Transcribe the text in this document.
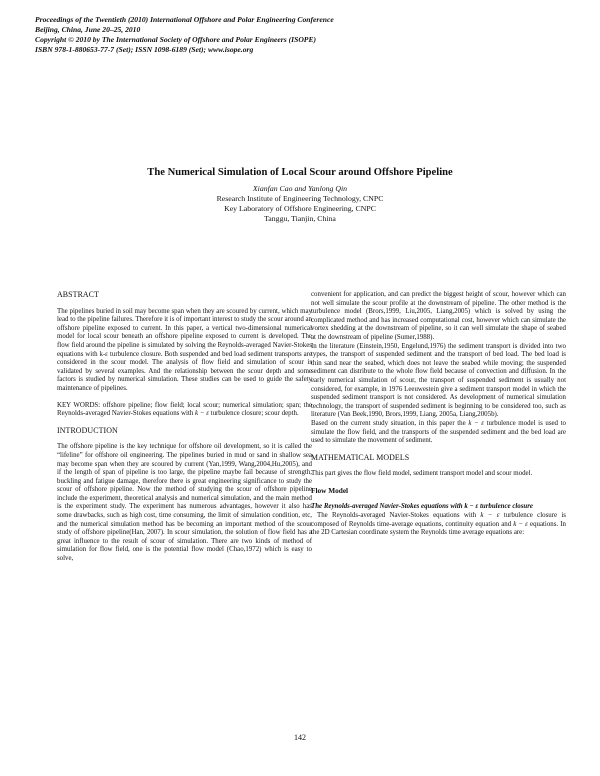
Proceedings of the Twentieth (2010) International Offshore and Polar Engineering Conference
Beijing, China, June 20–25, 2010
Copyright © 2010 by The International Society of Offshore and Polar Engineers (ISOPE)
ISBN 978-1-880653-77-7 (Set); ISSN 1098-6189 (Set); www.isope.org
The Numerical Simulation of Local Scour around Offshore Pipeline
Xianfan Cao and Yanlong Qin
Research Institute of Engineering Technology, CNPC
Key Laboratory of Offshore Engineering, CNPC
Tanggu, Tianjin, China
ABSTRACT

The pipelines buried in soil may become span when they are scoured by current, which may lead to the pipeline failures. Therefore it is of important interest to study the scour around an offshore pipeline exposed to current. In this paper, a vertical two-dimensional numerical model for local scour beneath an offshore pipeline exposed to current is developed. The flow field around the pipeline is simulated by solving the Reynolds-averaged Navier-Stokes equations with k-ε turbulence closure. Both suspended and bed load sediment transports are considered in the scour model. The analysis of flow field and simulation of scour is validated by several examples. And the relationship between the scour depth and some factors is studied by numerical simulation. These studies can be used to guide the safety maintenance of pipelines.

KEY WORDS: offshore pipeline; flow field; local scour; numerical simulation; span; the Reynolds-averaged Navier-Stokes equations with k − ε turbulence closure; scour depth.

INTRODUCTION

The offshore pipeline is the key technique for offshore oil development, so it is called the “lifeline” for offshore oil engineering. The pipelines buried in mud or sand in shallow sea may become span when they are scoured by current (Yan,1999, Wang,2004,Hu,2005), and if the length of span of pipeline is too large, the pipeline maybe fail because of strength, buckling and fatigue damage, therefore there is great engineering significance to study the scour of offshore pipeline. Now the method of studying the scour of offshore pipeline include the experiment, theoretical analysis and numerical simulation, and the main method is the experiment study. The experiment has numerous advantages, however it also has some drawbacks, such as high cost, time consuming, the limit of simulation condition, etc, and the numerical simulation method has be becoming an important method of the scour study of offshore pipeline(Han, 2007). In scour simulation, the solution of flow field has a great influence to the result of scour of simulation. There are two kinds of method of simulation for flow field, one is the potential flow model (Chao,1972) which is easy to solve,

convenient for application, and can predict the biggest height of scour, however which can not well simulate the scour profile at the downstream of pipeline. The other method is the turbulence model (Brors,1999, Liu,2005, Liang,2005) which is solved by using the complicated method and has increased computational cost, however which can simulate the vortex shedding at the downstream of pipeline, so it can well simulate the shape of seabed at the downstream of pipeline (Sumer,1988).

In the literature (Einstein,1950, Engelund,1976) the sediment transport is divided into two types, the transport of suspended sediment and the transport of bed load. The bed load is thin sand near the seabed, which does not leave the seabed while moving; the suspended sediment can distribute to the whole flow field because of convection and diffusion. In the early numerical simulation of scour, the transport of suspended sediment is usually not considered, for example, in 1976 Leeuwestein give a sediment transport model in which the suspended sediment transport is not considered. As development of numerical simulation technology, the transport of suspended sediment is beginning to be considered too, such as literature (Van Beek,1990, Brors,1999, Liang, 2005a, Liang,2005b).

Based on the current study situation, in this paper the k − ε turbulence model is used to simulate the flow field, and the transports of the suspended sediment and the bed load are used to simulate the movement of sediment.

MATHEMATICAL MODELS

This part gives the flow field model, sediment transport model and scour model.

Flow Model
The Reynolds-averaged Navier-Stokes equations with k − ε turbulence closure

The Reynolds-averaged Navier-Stokes equations with k − ε turbulence closure is composed of Reynolds time-average equations, continuity equation and k − ε equations. In the 2D Cartesian coordinate system the Reynolds time average equations are:

142
